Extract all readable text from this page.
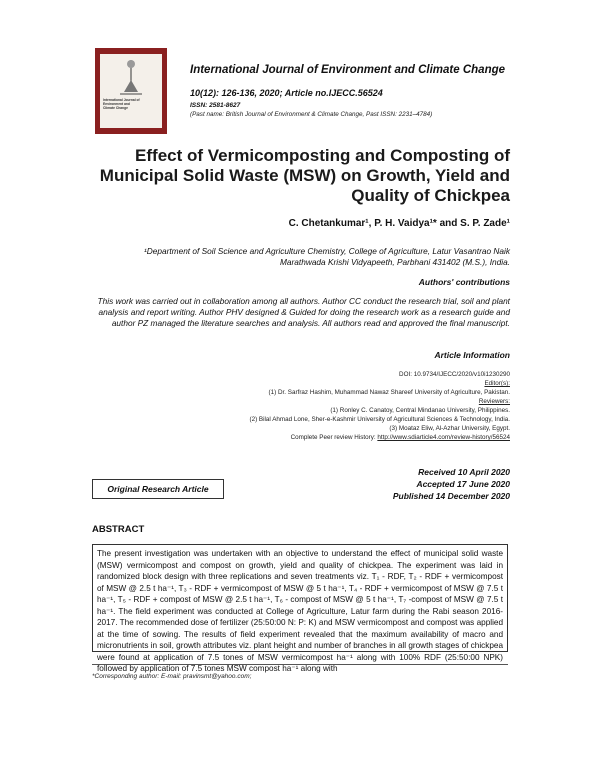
International Journal of
Environment and
Climate Change
International Journal of Environment and Climate Change
10(12): 126-136, 2020; Article no.IJECC.56524
ISSN: 2581-8627
(Past name: British Journal of Environment & Climate Change, Past ISSN: 2231–4784)
Effect of Vermicomposting and Composting of Municipal Solid Waste (MSW) on Growth, Yield and Quality of Chickpea
C. Chetankumar¹, P. H. Vaidya¹* and S. P. Zade¹
¹Department of Soil Science and Agriculture Chemistry, College of Agriculture, Latur Vasantrao Naik Marathwada Krishi Vidyapeeth, Parbhani 431402 (M.S.), India.
Authors' contributions
This work was carried out in collaboration among all authors. Author CC conduct the research trial, soil and plant analysis and report writing. Author PHV designed & Guided for doing the research work as a research guide and author PZ managed the literature searches and analysis. All authors read and approved the final manuscript.
Article Information
DOI: 10.9734/IJECC/2020/v10i1230290
Editor(s):
(1) Dr. Sarfraz Hashim, Muhammad Nawaz Shareef University of Agriculture, Pakistan.
Reviewers:
(1) Ronley C. Canatoy, Central Mindanao University, Philippines.
(2) Bilal Ahmad Lone, Sher-e-Kashmir University of Agricultural Sciences & Technology, India.
(3) Moataz Eliw, Al-Azhar University, Egypt.
Complete Peer review History: http://www.sdiarticle4.com/review-history/56524
Received 10 April 2020
Accepted 17 June 2020
Published 14 December 2020
Original Research Article
ABSTRACT
The present investigation was undertaken with an objective to understand the effect of municipal solid waste (MSW) vermicompost and compost on growth, yield and quality of chickpea. The experiment was laid in randomized block design with three replications and seven treatments viz. T₁ - RDF, T₂ - RDF + vermicompost of MSW @ 2.5 t ha⁻¹, T₃ - RDF + vermicompost of MSW @ 5 t ha⁻¹, T₄ - RDF + vermicompost of MSW @ 7.5 t ha⁻¹, T₅ - RDF + compost of MSW @ 2.5 t ha⁻¹, T₆ - compost of MSW @ 5 t ha⁻¹, T₇ -compost of MSW @ 7.5 t ha⁻¹. The field experiment was conducted at College of Agriculture, Latur farm during the Rabi season 2016-2017. The recommended dose of fertilizer (25:50:00 N: P: K) and MSW vermicompost and compost was applied at the time of sowing. The results of field experiment revealed that the maximum availability of macro and micronutrients in soil, growth attributes viz. plant height and number of branches in all growth stages of chickpea were found at application of 7.5 tones of MSW vermicompost ha⁻¹ along with 100% RDF (25:50:00 NPK) followed by application of 7.5 tones MSW compost ha⁻¹ along with
*Corresponding author: E-mail: pravinsmt@yahoo.com;
